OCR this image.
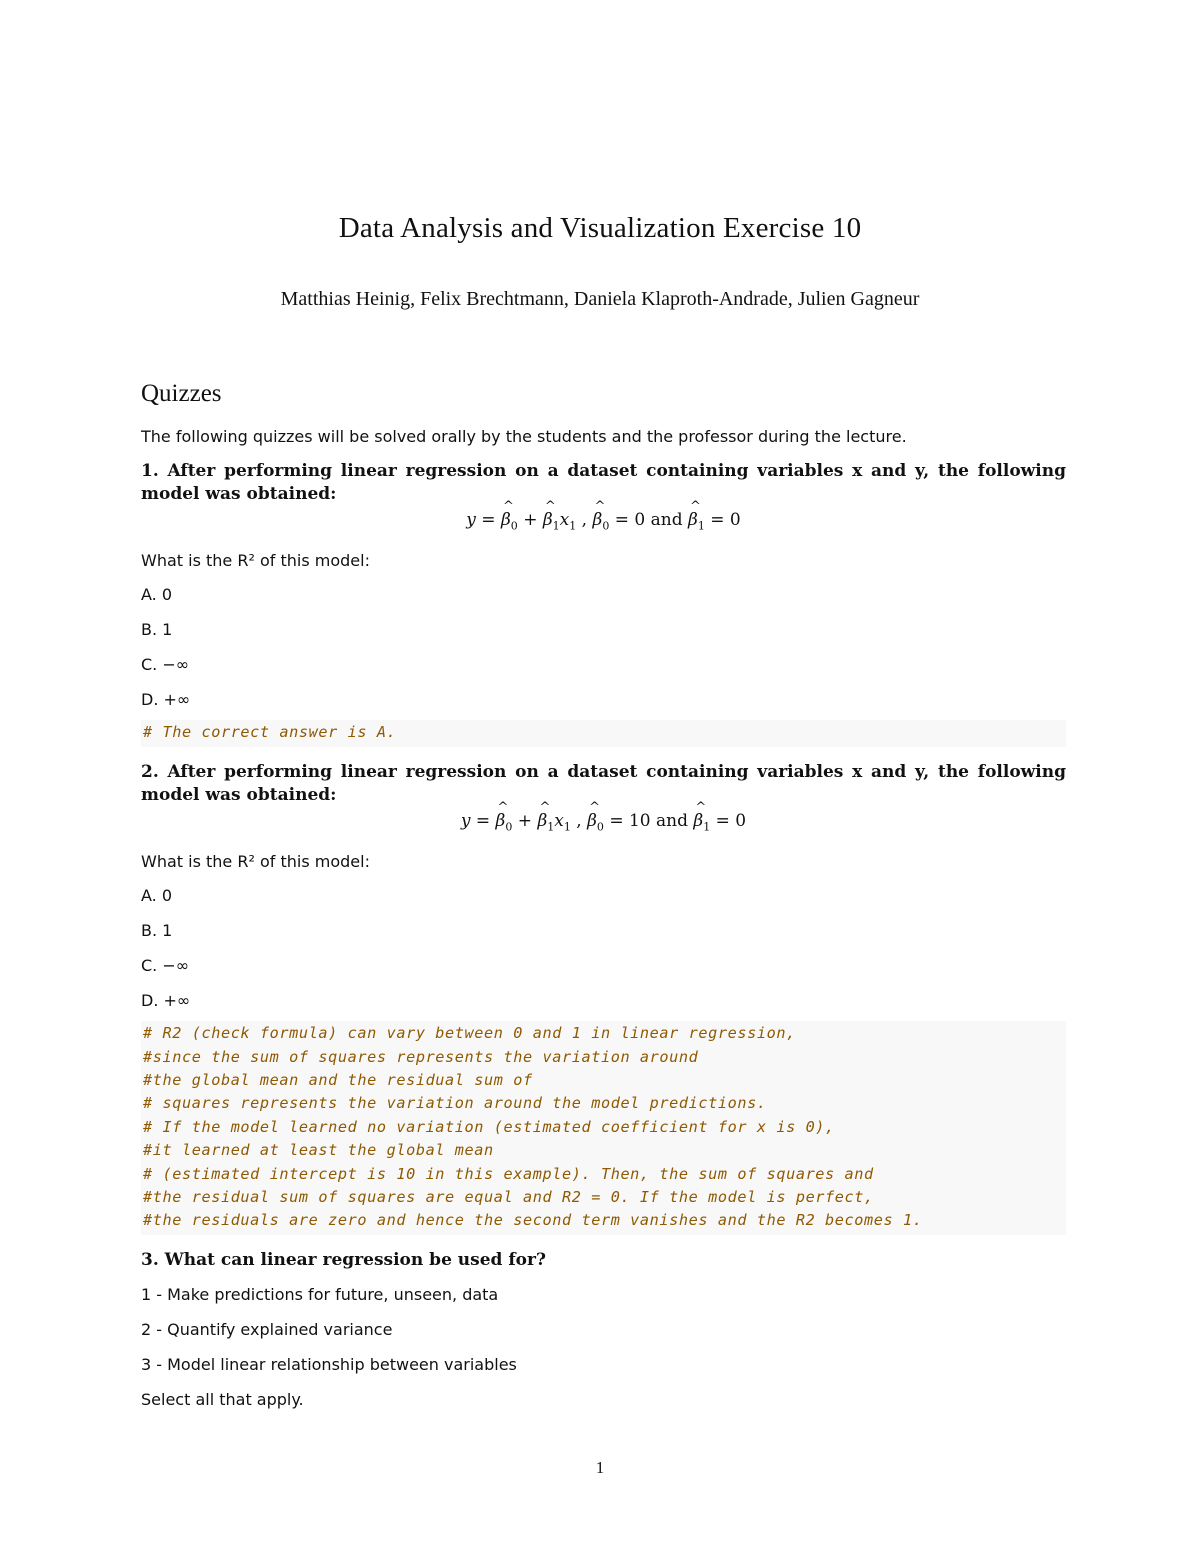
Data Analysis and Visualization Exercise 10
Matthias Heinig, Felix Brechtmann, Daniela Klaproth-Andrade, Julien Gagneur
Quizzes

The following quizzes will be solved orally by the students and the professor during the lecture.

1. After performing linear regression on a dataset containing variables x and y, the following model was obtained:

y = ^ $\beta_0$ + ^ $\beta_1x_1$ , ^ $\beta_0 = 0$ and ^ $\beta_1 = 0$

What is the R² of this model:

A. 0

B. 1

C. −∞

D. +∞

# The correct answer is A.

2. After performing linear regression on a dataset containing variables x and y, the following model was obtained:

y = ^ $\beta_0$ + ^ $\beta_1x_1$ , ^ $\beta_0 = 10$ and ^ $\beta_1 = 0$

What is the R² of this model:

A. 0

B. 1

C. −∞

D. +∞

# R2 (check formula) can vary between 0 and 1 in linear regression,
#since the sum of squares represents the variation around
#the global mean and the residual sum of
# squares represents the variation around the model predictions.
# If the model learned no variation (estimated coefficient for x is 0),
#it learned at least the global mean
# (estimated intercept is 10 in this example). Then, the sum of squares and
#the residual sum of squares are equal and R2 = 0. If the model is perfect,
#the residuals are zero and hence the second term vanishes and the R2 becomes 1.

3. What can linear regression be used for?

1 - Make predictions for future, unseen, data

2 - Quantify explained variance

3 - Model linear relationship between variables

Select all that apply.

1
